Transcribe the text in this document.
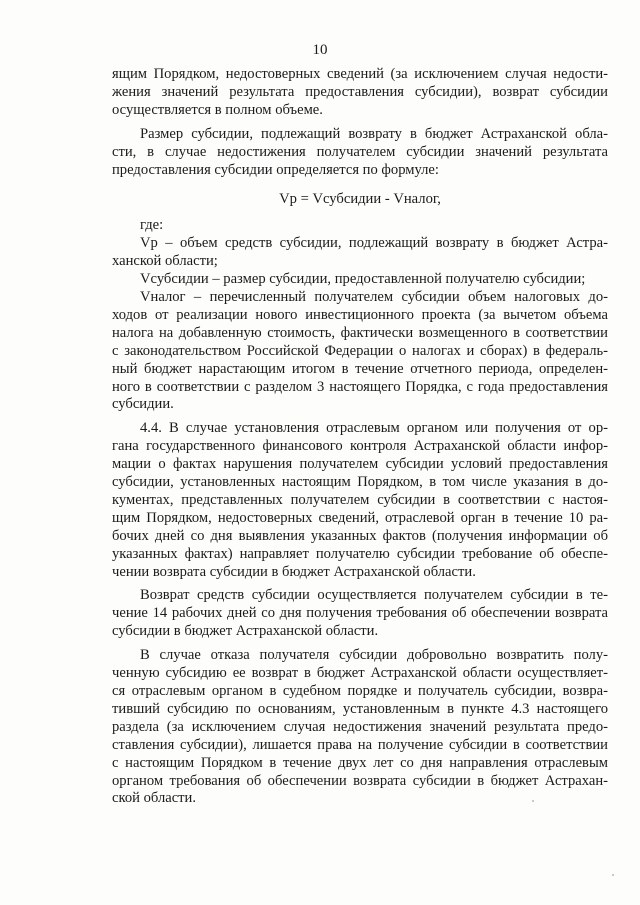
10

ящим Порядком, недостоверных сведений (за исключением случая недости-
жения значений результата предоставления субсидии), возврат субсидии
осуществляется в полном объеме.

Размер субсидии, подлежащий возврату в бюджет Астраханской обла-
сти, в случае недостижения получателем субсидии значений результата
предоставления субсидии определяется по формуле:

Vр = Vсубсидии - Vналог,

где:

Vр – объем средств субсидии, подлежащий возврату в бюджет Астра-
ханской области;

Vсубсидии – размер субсидии, предоставленной получателю субсидии;

Vналог – перечисленный получателем субсидии объем налоговых до-
ходов от реализации нового инвестиционного проекта (за вычетом объема
налога на добавленную стоимость, фактически возмещенного в соответствии
с законодательством Российской Федерации о налогах и сборах) в федераль-
ный бюджет нарастающим итогом в течение отчетного периода, определен-
ного в соответствии с разделом 3 настоящего Порядка, с года предоставления
субсидии.

4.4. В случае установления отраслевым органом или получения от ор-
гана государственного финансового контроля Астраханской области инфор-
мации о фактах нарушения получателем субсидии условий предоставления
субсидии, установленных настоящим Порядком, в том числе указания в до-
кументах, представленных получателем субсидии в соответствии с настоя-
щим Порядком, недостоверных сведений, отраслевой орган в течение 10 ра-
бочих дней со дня выявления указанных фактов (получения информации об
указанных фактах) направляет получателю субсидии требование об обеспе-
чении возврата субсидии в бюджет Астраханской области.

Возврат средств субсидии осуществляется получателем субсидии в те-
чение 14 рабочих дней со дня получения требования об обеспечении возврата
субсидии в бюджет Астраханской области.

В случае отказа получателя субсидии добровольно возвратить полу-
ченную субсидию ее возврат в бюджет Астраханской области осуществляет-
ся отраслевым органом в судебном порядке и получатель субсидии, возвра-
тивший субсидию по основаниям, установленным в пункте 4.3 настоящего
раздела (за исключением случая недостижения значений результата предо-
ставления субсидии), лишается права на получение субсидии в соответствии
с настоящим Порядком в течение двух лет со дня направления отраслевым
органом требования об обеспечении возврата субсидии в бюджет Астрахан-
ской области.
